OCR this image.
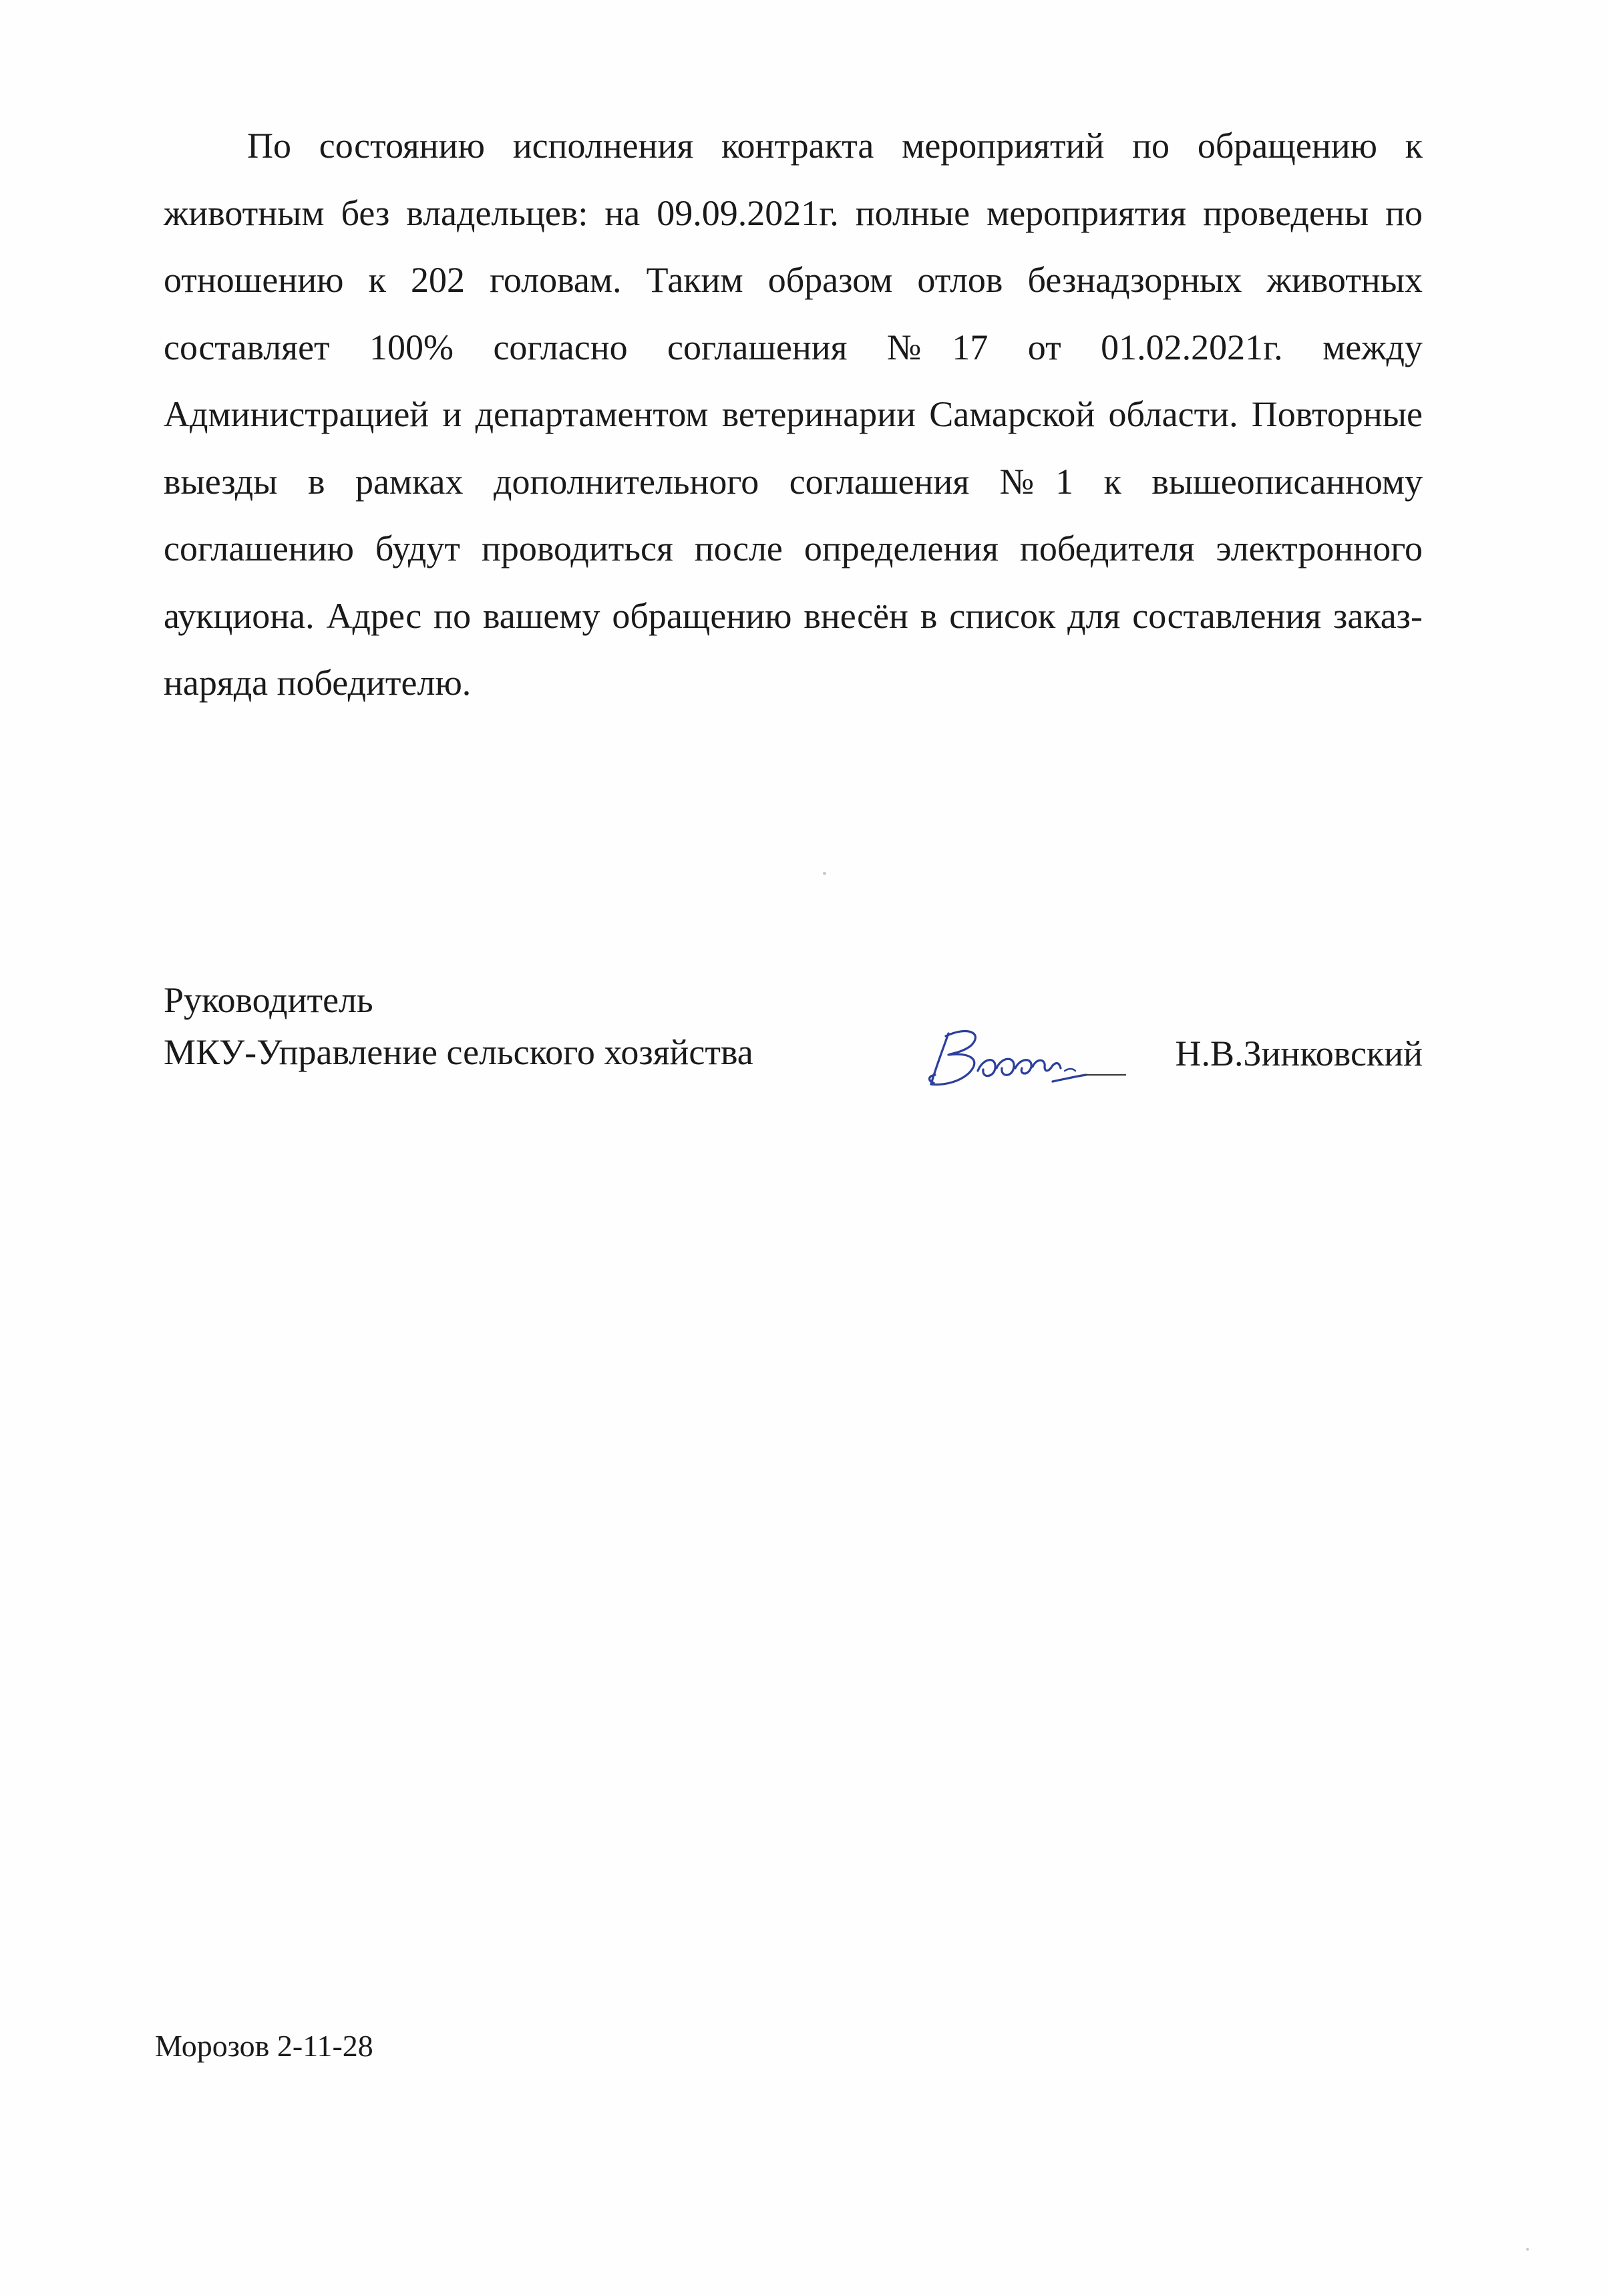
По состоянию исполнения контракта мероприятий по обращению к животным без владельцев: на 09.09.2021г. полные мероприятия проведены по отношению к 202 головам. Таким образом отлов безнадзорных животных составляет 100% согласно соглашения №17 от 01.02.2021г. между Администрацией и департаментом ветеринарии Самарской области. Повторные выезды в рамках дополнительного соглашения №1 к вышеописанному соглашению будут проводиться после определения победителя электронного аукциона. Адрес по вашему обращению внесён в список для составления заказ-наряда победителю.

Руководитель
МКУ-Управление сельского хозяйства	Н.В.Зинковский
Морозов 2-11-28
